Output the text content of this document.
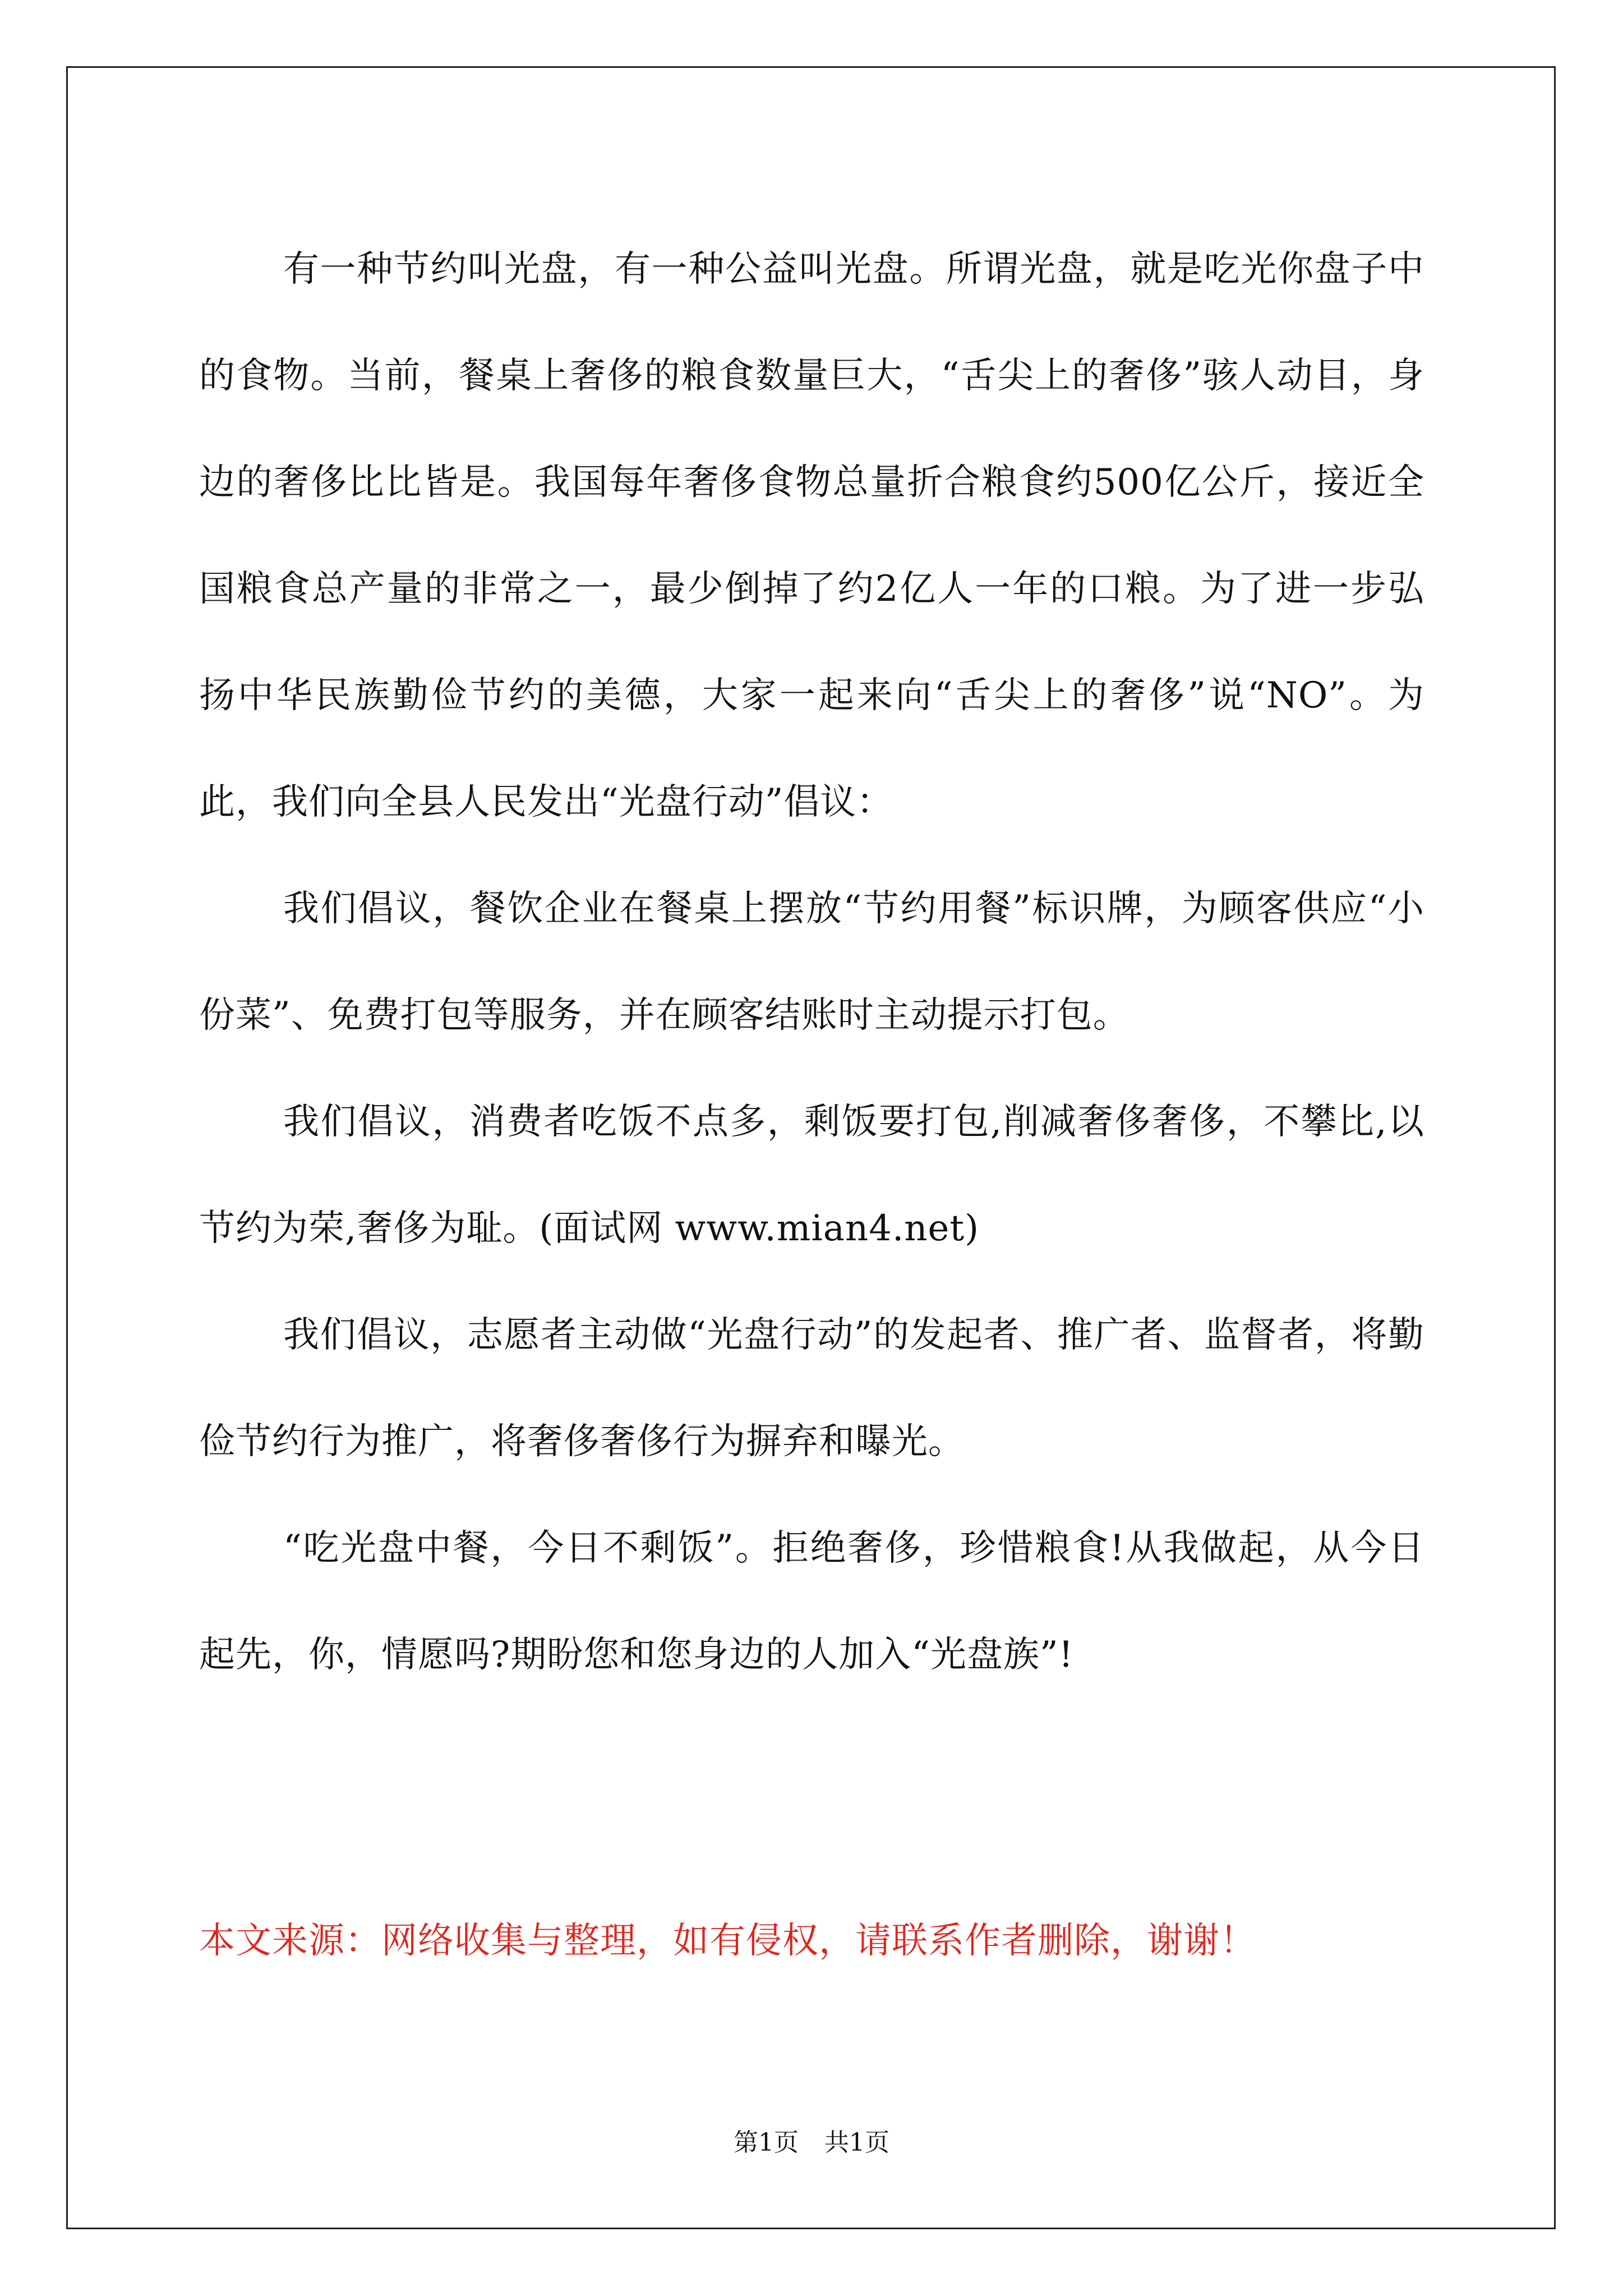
有一种节约叫光盘，有一种公益叫光盘。所谓光盘，就是吃光你盘子中的食物。当前，餐桌上奢侈的粮食数量巨大，“舌尖上的奢侈”骇人动目，身边的奢侈比比皆是。我国每年奢侈食物总量折合粮食约500亿公斤，接近全国粮食总产量的非常之一，最少倒掉了约2亿人一年的口粮。为了进一步弘扬中华民族勤俭节约的美德，大家一起来向“舌尖上的奢侈”说“NO”。为此，我们向全县人民发出“光盘行动”倡议：

我们倡议，餐饮企业在餐桌上摆放“节约用餐”标识牌，为顾客供应“小份菜”、免费打包等服务，并在顾客结账时主动提示打包。

我们倡议，消费者吃饭不点多，剩饭要打包,削减奢侈奢侈，不攀比,以节约为荣,奢侈为耻。(面试网 www.mian4.net)

我们倡议，志愿者主动做“光盘行动”的发起者、推广者、监督者，将勤俭节约行为推广，将奢侈奢侈行为摒弃和曝光。

“吃光盘中餐，今日不剩饭”。拒绝奢侈，珍惜粮食!从我做起，从今日起先，你，情愿吗?期盼您和您身边的人加入“光盘族”!

本文来源：网络收集与整理，如有侵权，请联系作者删除，谢谢！

第1页 共1页
